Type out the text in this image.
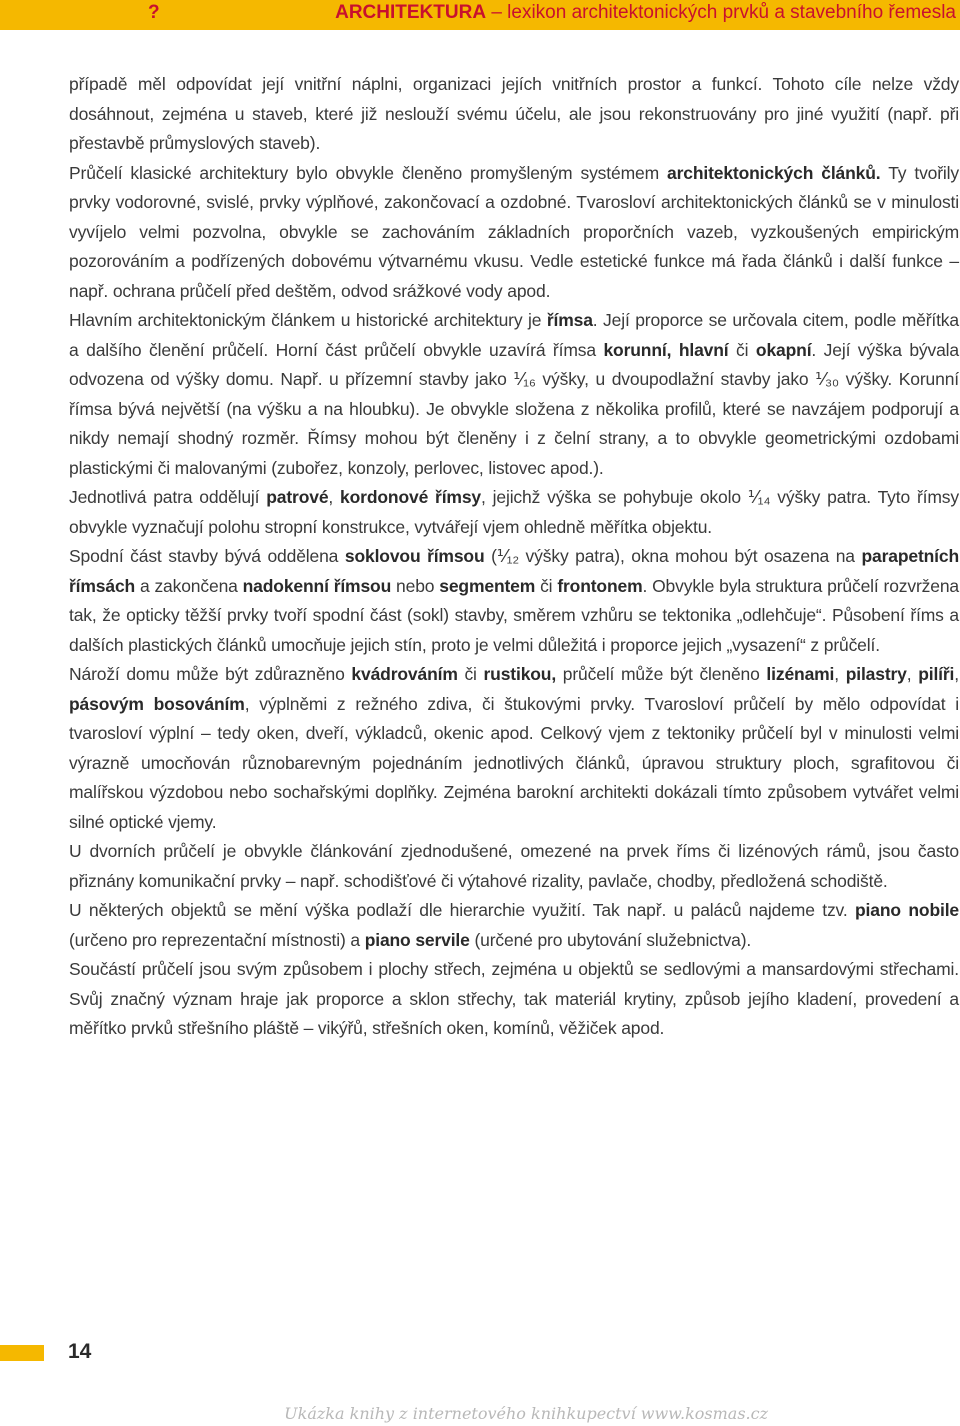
?	ARCHITEKTURA – lexikon architektonických prvků a stavebního řemesla

případě měl odpovídat její vnitřní náplni, organizaci jejích vnitřních prostor a funkcí. Tohoto cíle nelze vždy dosáhnout, zejména u staveb, které již neslouží svému účelu, ale jsou rekonstruovány pro jiné využití (např. při přestavbě průmyslových staveb).

Průčelí klasické architektury bylo obvykle členěno promyšleným systémem architektonických článků. Ty tvořily prvky vodorovné, svislé, prvky výplňové, zakončovací a ozdobné. Tvarosloví architektonických článků se v minulosti vyvíjelo velmi pozvolna, obvykle se zachováním základních proporčních vazeb, vyzkoušených empirickým pozorováním a podřízených dobovému výtvarnému vkusu. Vedle estetické funkce má řada článků i další funkce – např. ochrana průčelí před deštěm, odvod srážkové vody apod.

Hlavním architektonickým článkem u historické architektury je římsa. Její proporce se určovala citem, podle měřítka a dalšího členění průčelí. Horní část průčelí obvykle uzavírá římsa korunní, hlavní či okapní. Její výška bývala odvozena od výšky domu. Např. u přízemní stavby jako ⅟₁₆ výšky, u dvoupodlažní stavby jako ⅟₃₀ výšky. Korunní římsa bývá největší (na výšku a na hloubku). Je obvykle složena z několika profilů, které se navzájem podporují a nikdy nemají shodný rozměr. Římsy mohou být členěny i z čelní strany, a to obvykle geometrickými ozdobami plastickými či malovanými (zubořez, konzoly, perlovec, listovec apod.).

Jednotlivá patra oddělují patrové, kordonové římsy, jejichž výška se pohybuje okolo ⅟₁₄ výšky patra. Tyto římsy obvykle vyznačují polohu stropní konstrukce, vytvářejí vjem ohledně měřítka objektu.

Spodní část stavby bývá oddělena soklovou římsou (⅟₁₂ výšky patra), okna mohou být osazena na parapetních římsách a zakončena nadokenní římsou nebo segmentem či frontonem. Obvykle byla struktura průčelí rozvržena tak, že opticky těžší prvky tvoří spodní část (sokl) stavby, směrem vzhůru se tektonika „odlehčuje“. Působení říms a dalších plastických článků umocňuje jejich stín, proto je velmi důležitá i proporce jejich „vysazení“ z průčelí.

Nároží domu může být zdůrazněno kvádrováním či rustikou, průčelí může být členěno lizénami, pilastry, pilíři, pásovým bosováním, výplněmi z režného zdiva, či štukovými prvky. Tvarosloví průčelí by mělo odpovídat i tvarosloví výplní – tedy oken, dveří, výkladců, okenic apod. Celkový vjem z tektoniky průčelí byl v minulosti velmi výrazně umocňován různobarevným pojednáním jednotlivých článků, úpravou struktury ploch, sgrafitovou či malířskou výzdobou nebo sochařskými doplňky. Zejména barokní architekti dokázali tímto způsobem vytvářet velmi silné optické vjemy.

U dvorních průčelí je obvykle článkování zjednodušené, omezené na prvek říms či lizénových rámů, jsou často přiznány komunikační prvky – např. schodišťové či výtahové rizality, pavlače, chodby, předložená schodiště.

U některých objektů se mění výška podlaží dle hierarchie využití. Tak např. u paláců najdeme tzv. piano nobile (určeno pro reprezentační místnosti) a piano servile (určené pro ubytování služebnictva).

Součástí průčelí jsou svým způsobem i plochy střech, zejména u objektů se sedlovými a mansardovými střechami. Svůj značný význam hraje jak proporce a sklon střechy, tak materiál krytiny, způsob jejího kladení, provedení a měřítko prvků střešního pláště – vikýřů, střešních oken, komínů, věžiček apod.

14
Ukázka knihy z internetového knihkupectví www.kosmas.cz
